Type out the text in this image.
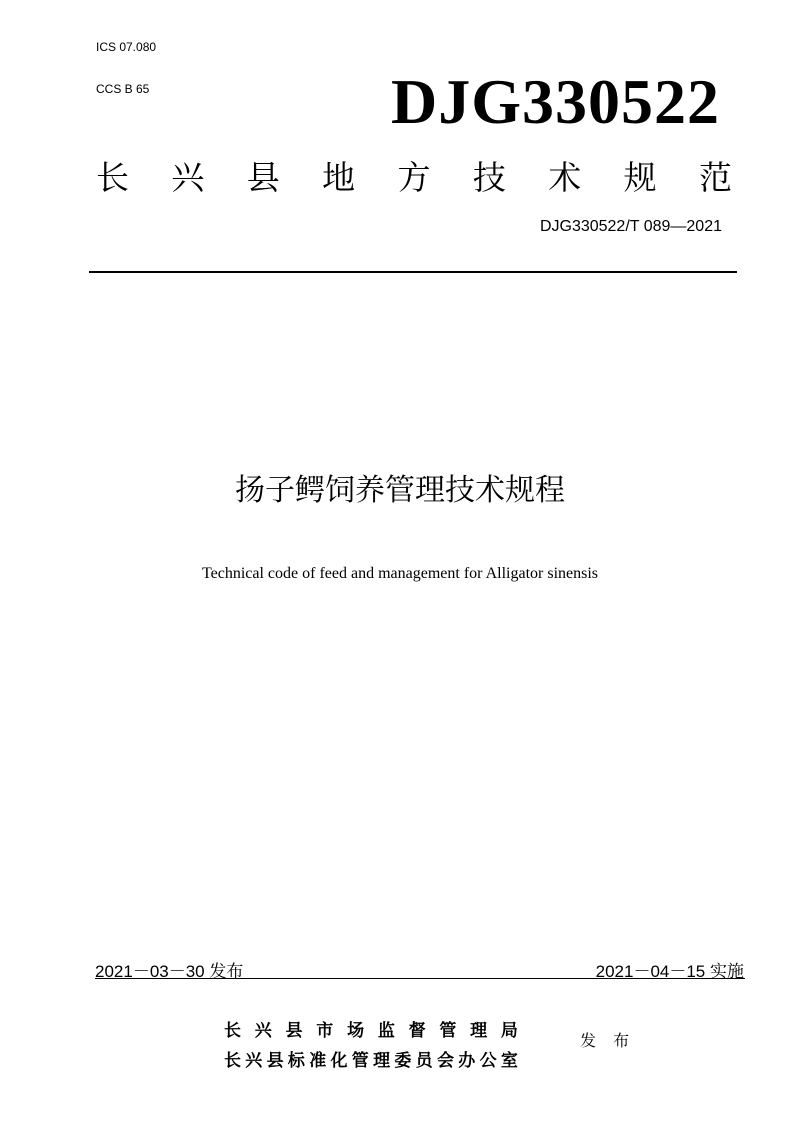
ICS 07.080
CCS B 65	DJG330522
长 兴 县 地 方 技 术 规 范
DJG330522/T 089—2021
扬子鳄饲养管理技术规程
Technical code of feed and management for Alligator sinensis
2021－03－30 发布	2021－04－15 实施
长 兴 县 市 场 监 督 管 理 局
长 兴 县 标 准 化 管 理 委 员 会 办 公 室
发 布
